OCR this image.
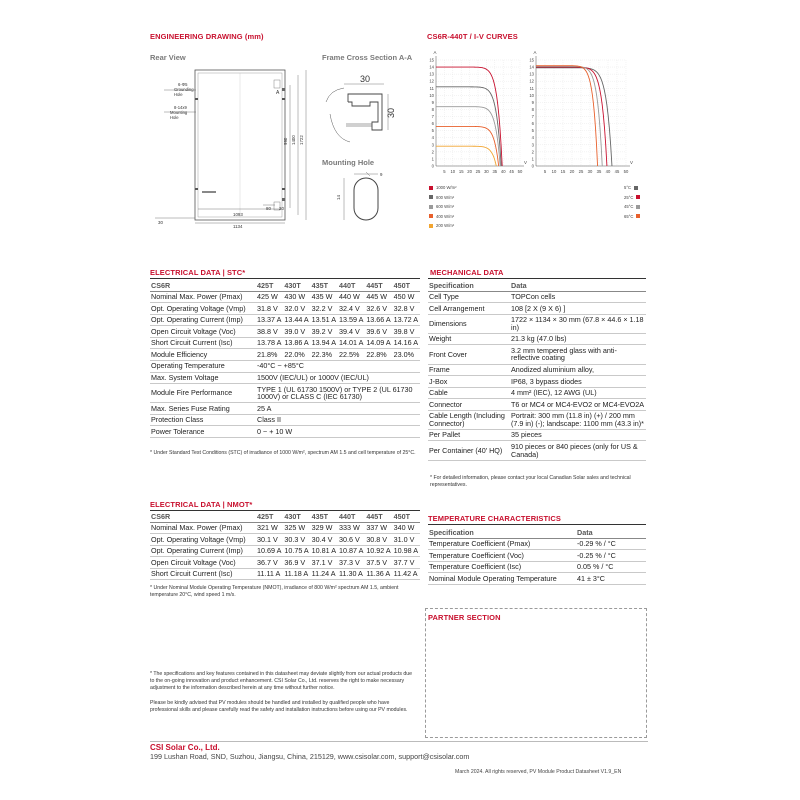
ENGINEERING DRAWING (mm)
Rear View	Frame Cross Section A-A
Mounting Hole
6-Φ5
Grounding
Hole
8-14x9
Mounting
Hole
1400
990	1722
1093
1134
80 20
30
A
30
30
14
9
CS6R-440T / I-V CURVES
15
14
13
12
11
10
9
8
7
6
5
4
3
2
1
0
5 10 15 20 25 30 35 40 45 50
A
V
15
14
13
12
11
10
9
8
7
6
5
4
3
2
1
0
5 10 15 20 25 30 35 40 45 50
A
V
1000 W/m²
800 W/m²
600 W/m²
400 W/m²
200 W/m²
5°C
25°C
45°C
65°C
ELECTRICAL DATA | STC*
CS6R	425T	430T	435T	440T	445T	450T
Nominal Max. Power (Pmax)	425 W	430 W	435 W	440 W	445 W	450 W
Opt. Operating Voltage (Vmp)	31.8 V	32.0 V	32.2 V	32.4 V	32.6 V	32.8 V
Opt. Operating Current (Imp)	13.37 A	13.44 A	13.51 A	13.59 A	13.66 A	13.72 A
Open Circuit Voltage (Voc)	38.8 V	39.0 V	39.2 V	39.4 V	39.6 V	39.8 V
Short Circuit Current (Isc)	13.78 A	13.86 A	13.94 A	14.01 A	14.09 A	14.16 A
Module Efficiency	21.8%	22.0%	22.3%	22.5%	22.8%	23.0%
Operating Temperature	-40°C ~ +85°C					
Max. System Voltage	1500V (IEC/UL) or 1000V (IEC/UL)					
Module Fire Performance	TYPE 1 (UL 61730 1500V) or TYPE 2 (UL 61730 1000V) or CLASS C (IEC 61730)					
Max. Series Fuse Rating	25 A					
Protection Class	Class II					
Power Tolerance	0 ~ + 10 W					
* Under Standard Test Conditions (STC) of irradiance of 1000 W/m², spectrum AM 1.5 and cell temperature of 25°C.
ELECTRICAL DATA | NMOT*
CS6R	425T	430T	435T	440T	445T	450T
Nominal Max. Power (Pmax)	321 W	325 W	329 W	333 W	337 W	340 W
Opt. Operating Voltage (Vmp)	30.1 V	30.3 V	30.4 V	30.6 V	30.8 V	31.0 V
Opt. Operating Current (Imp)	10.69 A	10.75 A	10.81 A	10.87 A	10.92 A	10.98 A
Open Circuit Voltage (Voc)	36.7 V	36.9 V	37.1 V	37.3 V	37.5 V	37.7 V
Short Circuit Current (Isc)	11.11 A	11.18 A	11.24 A	11.30 A	11.36 A	11.42 A
* Under Nominal Module Operating Temperature (NMOT), irradiance of 800 W/m² spectrum AM 1.5, ambient temperature 20°C, wind speed 1 m/s.
MECHANICAL DATA
Specification	Data
Cell Type	TOPCon cells
Cell Arrangement	108 [2 X (9 X 6) ]
Dimensions	1722 × 1134 × 30 mm (67.8 × 44.6 × 1.18 in)
Weight	21.3 kg (47.0 lbs)
Front Cover	3.2 mm tempered glass with anti-reflective coating
Frame	Anodized aluminium alloy,
J-Box	IP68, 3 bypass diodes
Cable	4 mm² (IEC), 12 AWG (UL)
Connector	T6 or MC4 or MC4-EVO2 or MC4-EVO2A
Cable Length (Including Connector)	Portrait: 300 mm (11.8 in) (+) / 200 mm (7.9 in) (-); landscape: 1100 mm (43.3 in)*
Per Pallet	35 pieces
Per Container (40' HQ)	910 pieces or 840 pieces (only for US & Canada)
* For detailed information, please contact your local Canadian Solar sales and technical representatives.
TEMPERATURE CHARACTERISTICS
Specification	Data
Temperature Coefficient (Pmax)	-0.29 % / °C
Temperature Coefficient (Voc)	-0.25 % / °C
Temperature Coefficient (Isc)	0.05 % / °C
Nominal Module Operating Temperature	41 ± 3°C
PARTNER SECTION
* The specifications and key features contained in this datasheet may deviate slightly from our actual products due to the on-going innovation and product enhancement. CSI Solar Co., Ltd. reserves the right to make necessary adjustment to the information described herein at any time without further notice.
Please be kindly advised that PV modules should be handled and installed by qualified people who have professional skills and please carefully read the safety and installation instructions before using our PV modules.
CSI Solar Co., Ltd.
199 Lushan Road, SND, Suzhou, Jiangsu, China, 215129, www.csisolar.com, support@csisolar.com
March 2024. All rights reserved, PV Module Product Datasheet V1.9_EN
